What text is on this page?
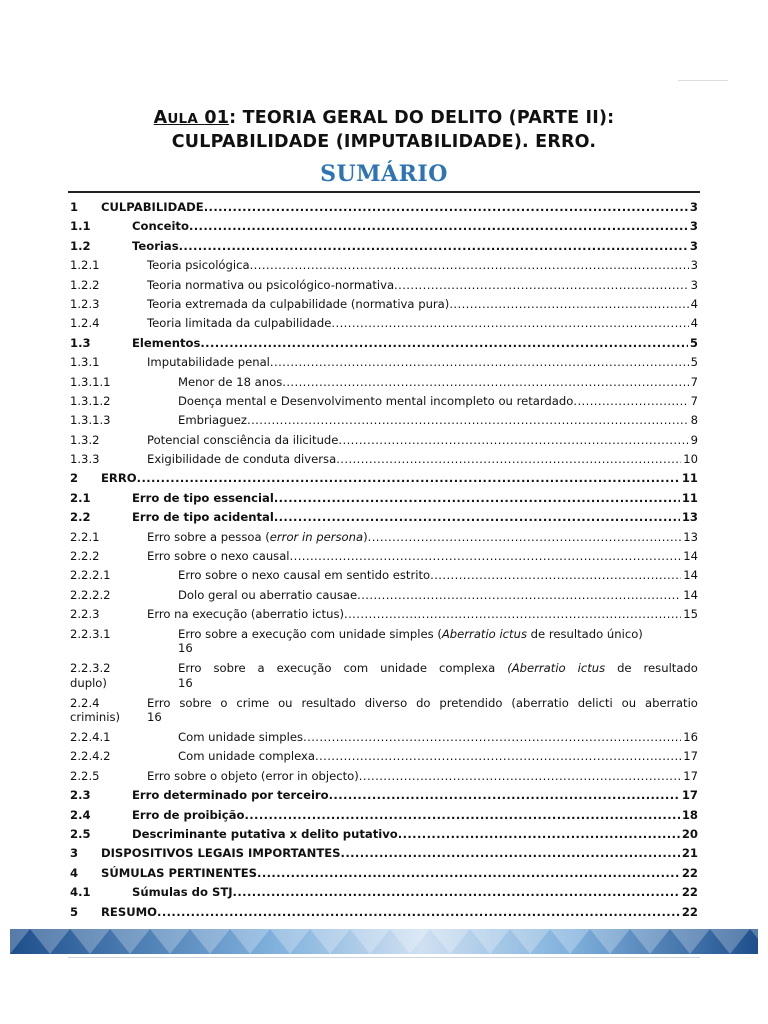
AULA 01: TEORIA GERAL DO DELITO (PARTE II):
CULPABILIDADE (IMPUTABILIDADE). ERRO.
SUMÁRIO
1 CULPABILIDADE .....	3
1.1	Conceito .....	3
1.2	Teorias .....	3
1.2.1	Teoria psicológica .....	3
1.2.2	Teoria normativa ou psicológico-normativa .....	3
1.2.3	Teoria extremada da culpabilidade (normativa pura) .....	4
1.2.4	Teoria limitada da culpabilidade .....	4
1.3	Elementos .....	5
1.3.1	Imputabilidade penal .....	5
1.3.1.1	Menor de 18 anos .....	7
1.3.1.2	Doença mental e Desenvolvimento mental incompleto ou retardado .....	7
1.3.1.3	Embriaguez .....	8
1.3.2	Potencial consciência da ilicitude .....	9
1.3.3	Exigibilidade de conduta diversa .....	10
2 ERRO .....	11
2.1	Erro de tipo essencial .....	11
2.2	Erro de tipo acidental .....	13
2.2.1	Erro sobre a pessoa (error in persona) .....	13
2.2.2	Erro sobre o nexo causal .....	14
2.2.2.1	Erro sobre o nexo causal em sentido estrito .....	14
2.2.2.2	Dolo geral ou aberratio causae .....	14
2.2.3	Erro na execução (aberratio ictus) .....	15
2.2.3.1	Erro sobre a execução com unidade simples (Aberratio ictus de resultado único)
16
2.2.3.2	Erro sobre a execução com unidade complexa (Aberratio ictus de resultado
duplo)	16
2.2.4	Erro sobre o crime ou resultado diverso do pretendido (aberratio delicti ou aberratio
criminis) 16
2.2.4.1	Com unidade simples .....	16
2.2.4.2	Com unidade complexa .....	17
2.2.5	Erro sobre o objeto (error in objecto) .....	17
2.3	Erro determinado por terceiro .....	17
2.4	Erro de proibição .....	18
2.5	Descriminante putativa x delito putativo .....	20
3 DISPOSITIVOS LEGAIS IMPORTANTES .....	21
4 SÚMULAS PERTINENTES .....	22
4.1	Súmulas do STJ .....	22
5 RESUMO .....	22
